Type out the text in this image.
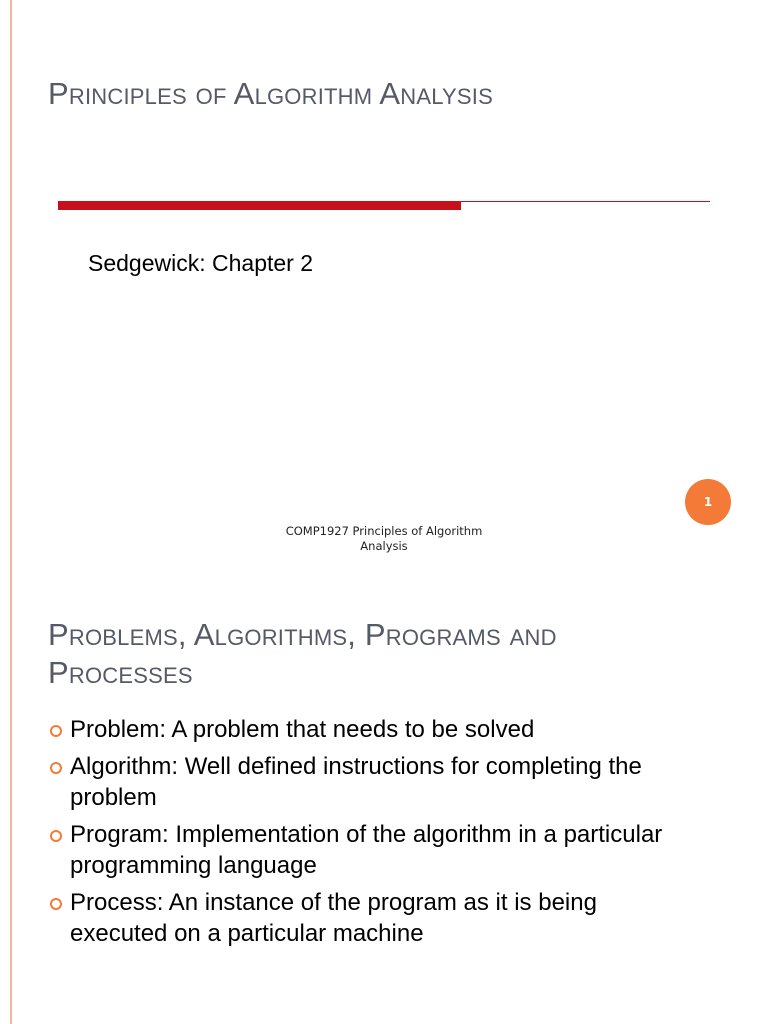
Principles of Algorithm Analysis
Sedgewick: Chapter 2
1
COMP1927 Principles of Algorithm
Analysis
Problems, Algorithms, Programs and Processes
Problem: A problem that needs to be solved
Algorithm: Well defined instructions for completing the problem
Program: Implementation of the algorithm in a particular programming language
Process: An instance of the program as it is being executed on a particular machine
